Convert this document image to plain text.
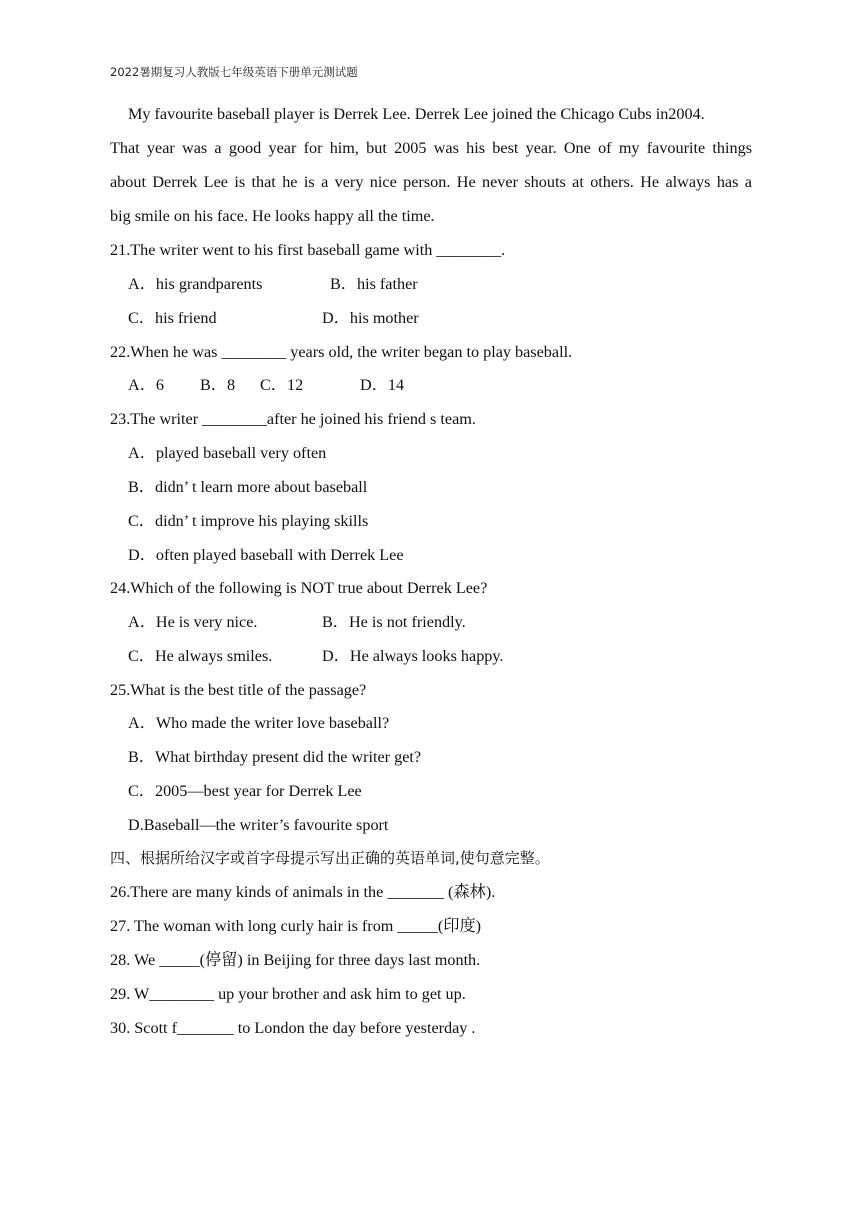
2022暑期复习人教版七年级英语下册单元测试题
My favourite baseball player is Derrek Lee. Derrek Lee joined the Chicago Cubs in2004.
That year was a good year for him, but 2005 was his best year. One of my favourite things
about Derrek Lee is that he is a very nice person. He never shouts at others. He always has a
big smile on his face. He looks happy all the time.
21.The writer went to his first baseball game with ________.
A．his grandparents	B．his father
C．his friend	D．his mother
22.When he was ________ years old, the writer began to play baseball.
A．6 B．8 C．12	D．14
23.The writer ________after he joined his friend s team.
A．played baseball very often
B．didn’ t learn more about baseball
C．didn’ t improve his playing skills
D．often played baseball with Derrek Lee
24.Which of the following is NOT true about Derrek Lee?
A．He is very nice.	B．He is not friendly.
C．He always smiles.	D．He always looks happy.
25.What is the best title of the passage?
A．Who made the writer love baseball?
B．What birthday present did the writer get?
C．2005—best year for Derrek Lee
D.Baseball—the writer’s favourite sport
四、根据所给汉字或首字母提示写出正确的英语单词,使句意完整。
26.There are many kinds of animals in the _______ (森林).
27. The woman with long curly hair is from _____(印度)
28. We _____(停留) in Beijing for three days last month.
29. W________ up your brother and ask him to get up.
30. Scott f_______ to London the day before yesterday .
